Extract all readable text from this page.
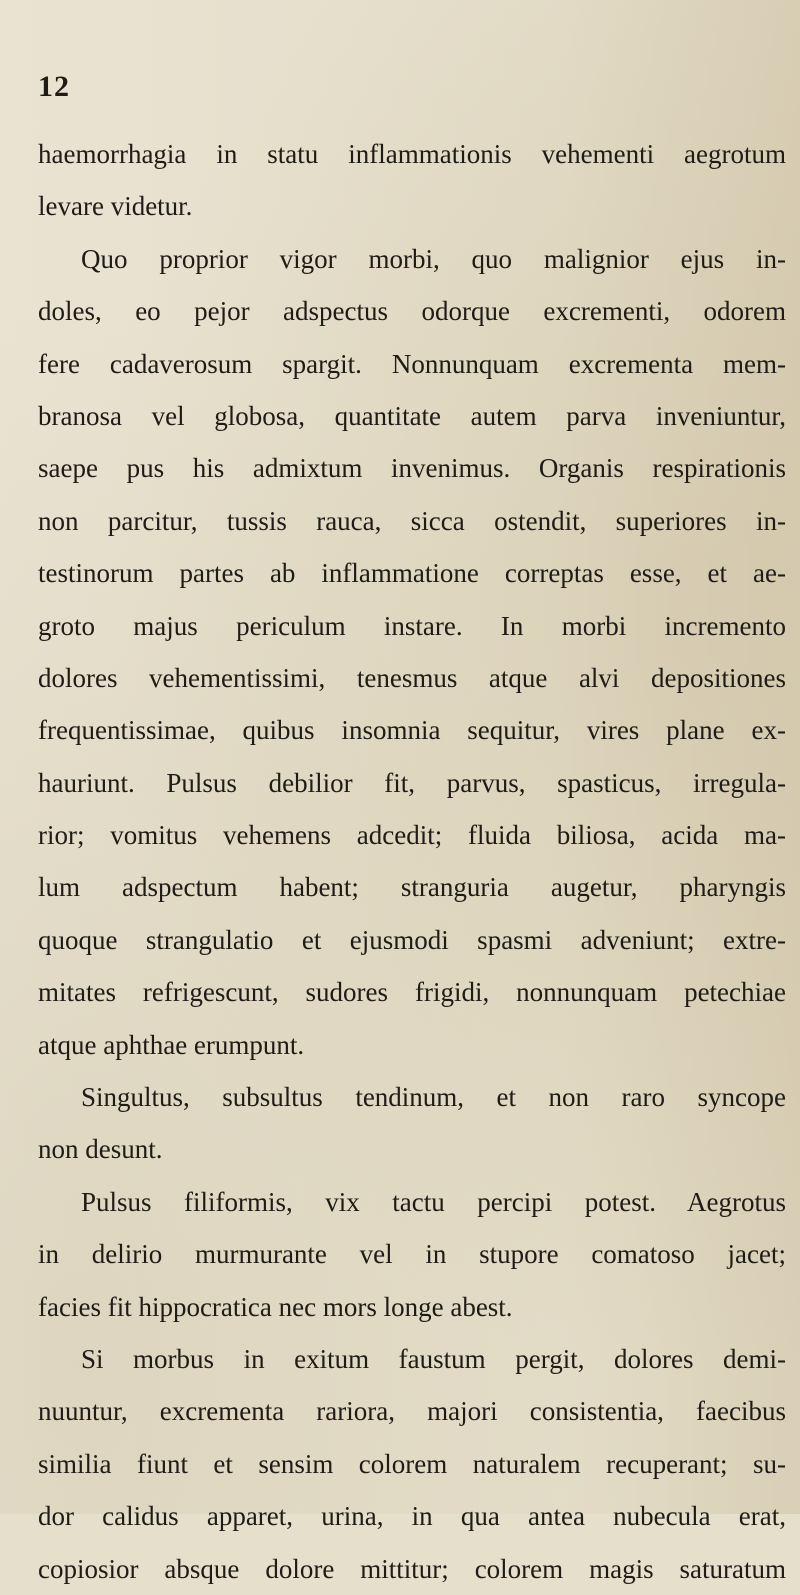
12
haemorrhagia in statu inflammationis vehementi aegrotum
levare videtur.
Quo proprior vigor morbi, quo malignior ejus in-
doles, eo pejor adspectus odorque excrementi, odorem
fere cadaverosum spargit. Nonnunquam excrementa mem-
branosa vel globosa, quantitate autem parva inveniuntur,
saepe pus his admixtum invenimus. Organis respirationis
non parcitur, tussis rauca, sicca ostendit, superiores in-
testinorum partes ab inflammatione correptas esse, et ae-
groto majus periculum instare. In morbi incremento
dolores vehementissimi, tenesmus atque alvi depositiones
frequentissimae, quibus insomnia sequitur, vires plane ex-
hauriunt. Pulsus debilior fit, parvus, spasticus, irregula-
rior; vomitus vehemens adcedit; fluida biliosa, acida ma-
lum adspectum habent; stranguria augetur, pharyngis
quoque strangulatio et ejusmodi spasmi adveniunt; extre-
mitates refrigescunt, sudores frigidi, nonnunquam petechiae
atque aphthae erumpunt.
Singultus, subsultus tendinum, et non raro syncope
non desunt.
Pulsus filiformis, vix tactu percipi potest. Aegrotus
in delirio murmurante vel in stupore comatoso jacet;
facies fit hippocratica nec mors longe abest.
Si morbus in exitum faustum pergit, dolores demi-
nuuntur, excrementa rariora, majori consistentia, faecibus
similia fiunt et sensim colorem naturalem recuperant; su-
dor calidus apparet, urina, in qua antea nubecula erat,
copiosior absque dolore mittitur; colorem magis saturatum
